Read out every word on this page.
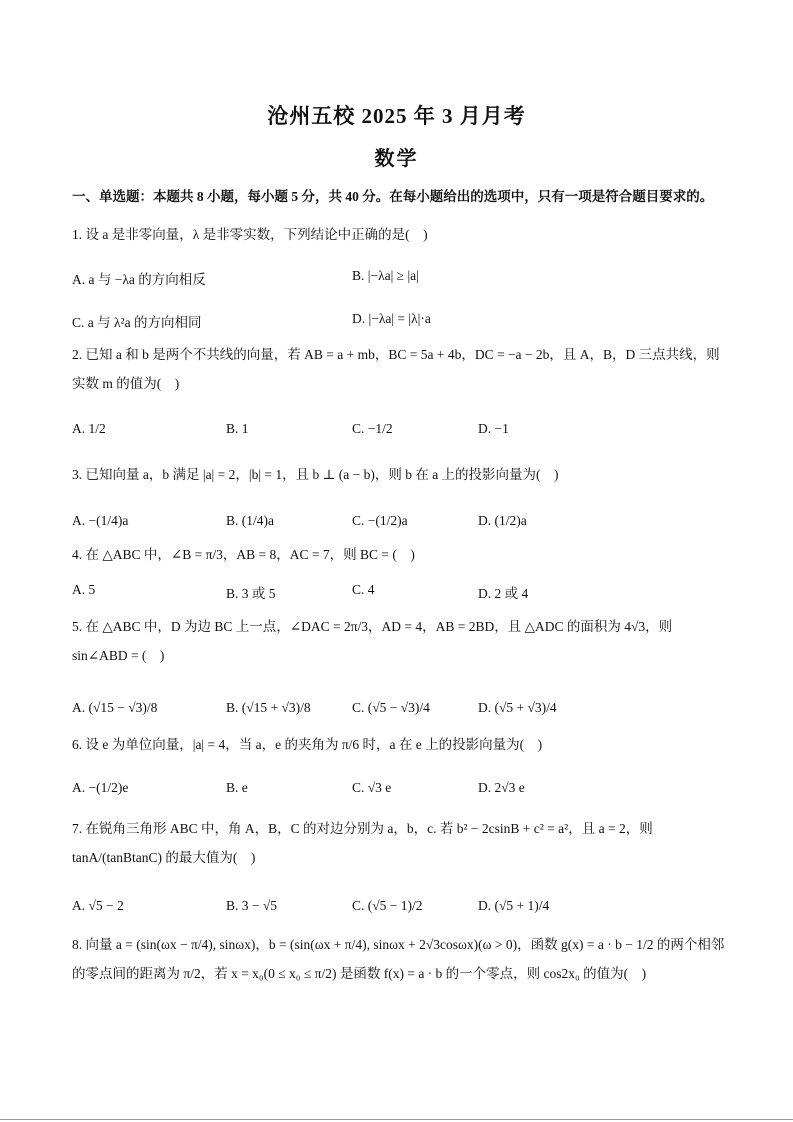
沧州五校 2025 年 3 月月考
数学
一、单选题：本题共 8 小题，每小题 5 分，共 40 分。在每小题给出的选项中，只有一项是符合题目要求的。
1. 设 a 是非零向量，λ 是非零实数，下列结论中正确的是(　)
A. a 与 −λa 的方向相反	B. |−λa| ≥ |a|
C. a 与 λ²a 的方向相同	D. |−λa| = |λ|·a
2. 已知 a 和 b 是两个不共线的向量，若 AB = a + mb，BC = 5a + 4b，DC = −a − 2b，且 A，B，D 三点共线，则实数 m 的值为(　)
A. 1/2	B. 1	C. −1/2	D. −1
3. 已知向量 a，b 满足 |a| = 2，|b| = 1，且 b ⊥ (a − b)，则 b 在 a 上的投影向量为(　)
A. −(1/4)a	B. (1/4)a	C. −(1/2)a	D. (1/2)a
4. 在 △ABC 中，∠B = π/3，AB = 8，AC = 7，则 BC = (　)
A. 5	B. 3 或 5	C. 4	D. 2 或 4
5. 在 △ABC 中，D 为边 BC 上一点，∠DAC = 2π/3，AD = 4，AB = 2BD，且 △ADC 的面积为 4√3，则 sin∠ABD = (　)
A. (√15 − √3)/8	B. (√15 + √3)/8	C. (√5 − √3)/4	D. (√5 + √3)/4
6. 设 e 为单位向量，|a| = 4，当 a，e 的夹角为 π/6 时，a 在 e 上的投影向量为(　)
A. −(1/2)e	B. e	C. √3 e	D. 2√3 e
7. 在锐角三角形 ABC 中，角 A，B，C 的对边分别为 a，b，c. 若 b² − 2csinB + c² = a²，且 a = 2，则 tanA/(tanBtanC) 的最大值为(　)
A. √5 − 2	B. 3 − √5	C. (√5 − 1)/2	D. (√5 + 1)/4
8. 向量 a = (sin(ωx − π/4), sinωx)，b = (sin(ωx + π/4), sinωx + 2√3cosωx)(ω > 0)，函数 g(x) = a · b − 1/2 的两个相邻的零点间的距离为 π/2，若 x = x₀(0 ≤ x₀ ≤ π/2) 是函数 f(x) = a · b 的一个零点，则 cos2x₀ 的值为(　)
